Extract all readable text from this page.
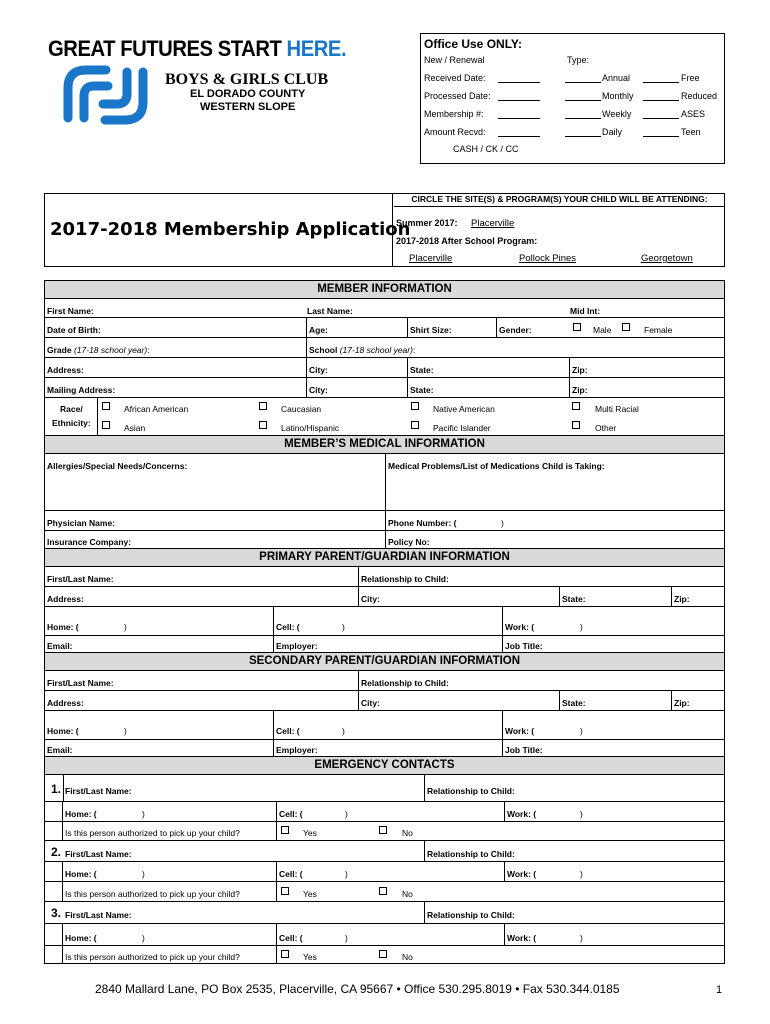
GREAT FUTURES START HERE.
BOYS & GIRLS CLUB
EL DORADO COUNTY
WESTERN SLOPE
Office Use ONLY:
New / Renewal	Type:
Received Date:	Annual	Free
Processed Date:	Monthly	Reduced
Membership #:	Weekly	ASES
Amount Recvd:	Daily	Teen
CASH / CK / CC
2017-2018 Membership Application
CIRCLE THE SITE(S) & PROGRAM(S) YOUR CHILD WILL BE ATTENDING:
Summer 2017: Placerville
2017-2018 After School Program:
Placerville	Pollock Pines	Georgetown
MEMBER INFORMATION
First Name:	Last Name:	Mid Int:
Date of Birth:	Age:	Shirt Size:	Gender:	Male	Female
Grade (17-18 school year):	School (17-18 school year):
Address:	City:	State:	Zip:
Mailing Address:	City:	State:	Zip:
Race/
Ethnicity:
African American	Caucasian	Native American	Multi Racial
Asian	Latino/Hispanic	Pacific Islander	Other
MEMBER’S MEDICAL INFORMATION
Allergies/Special Needs/Concerns:	Medical Problems/List of Medications Child is Taking:
Physician Name:	Phone Number: (	)
Insurance Company:	Policy No:
PRIMARY PARENT/GUARDIAN INFORMATION
First/Last Name:	Relationship to Child:
Address:	City:	State:	Zip:
Home: (	)	Cell: (	)	Work: (	)
Email:	Employer:	Job Title:
SECONDARY PARENT/GUARDIAN INFORMATION
First/Last Name:	Relationship to Child:
Address:	City:	State:	Zip:
Home: (	)	Cell: (	)	Work: (	)
Email:	Employer:	Job Title:
EMERGENCY CONTACTS
1. First/Last Name:	Relationship to Child:
Home: (	)	Cell: (	)	Work: (	)
Is this person authorized to pick up your child?	Yes	No
2. First/Last Name:	Relationship to Child:
Home: (	)	Cell: (	)	Work: (	)
Is this person authorized to pick up your child?	Yes	No
3. First/Last Name:	Relationship to Child:
Home: (	)	Cell: (	)	Work: (	)
Is this person authorized to pick up your child?	Yes	No
2840 Mallard Lane, PO Box 2535, Placerville, CA 95667 • Office 530.295.8019 • Fax 530.344.0185	1
